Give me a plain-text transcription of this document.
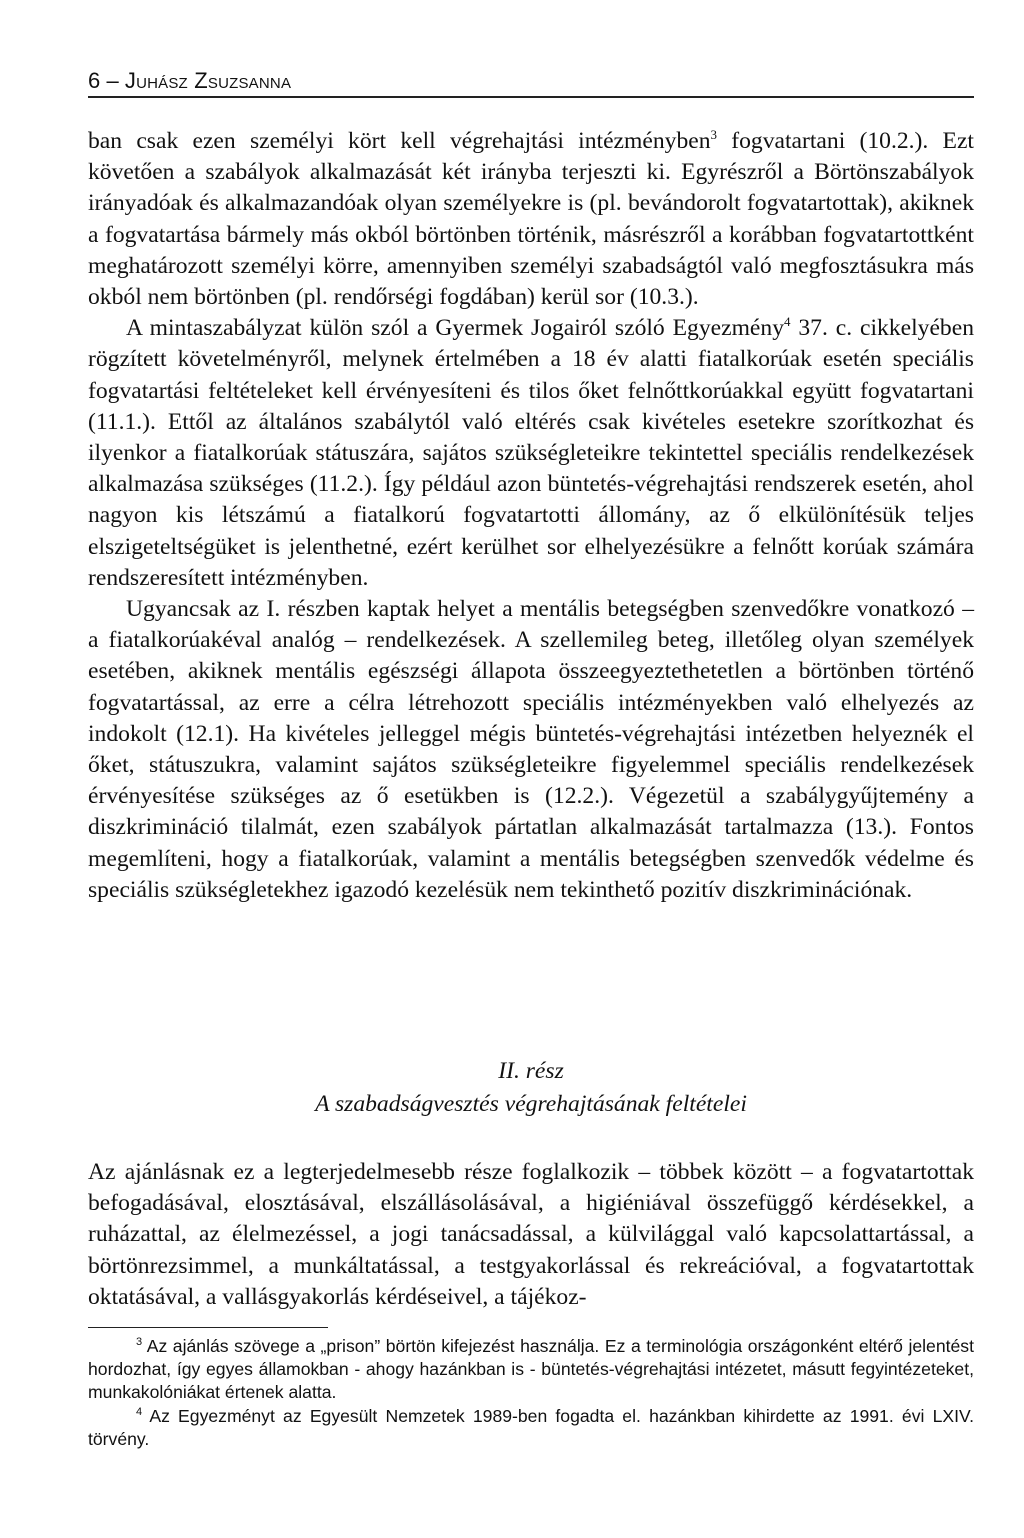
6 – Juhász Zsuzsanna

ban csak ezen személyi kört kell végrehajtási intézményben$^3$ fogvatartani (10.2.). Ezt követően a szabályok alkalmazását két irányba terjeszti ki. Egyrészről a Börtönszabályok irányadóak és alkalmazandóak olyan személyekre is (pl. bevándorolt fogvatartottak), akiknek a fogvatartása bármely más okból börtönben történik, másrészről a korábban fogvatartottként meghatározott személyi körre, amennyiben személyi szabadságtól való megfosztásukra más okból nem börtönben (pl. rendőrségi fogdában) kerül sor (10.3.).

A mintaszabályzat külön szól a Gyermek Jogairól szóló Egyezmény$^4$ 37. c. cikkelyében rögzített követelményről, melynek értelmében a 18 év alatti fiatalkorúak esetén speciális fogvatartási feltételeket kell érvényesíteni és tilos őket felnőttkorúakkal együtt fogvatartani (11.1.). Ettől az általános szabálytól való eltérés csak kivételes esetekre szorítkozhat és ilyenkor a fiatalkorúak státuszára, sajátos szükségleteikre tekintettel speciális rendelkezések alkalmazása szükséges (11.2.). Így például azon büntetés-végrehajtási rendszerek esetén, ahol nagyon kis létszámú a fiatalkorú fogvatartotti állomány, az ő elkülönítésük teljes elszigeteltségüket is jelenthetné, ezért kerülhet sor elhelyezésükre a felnőtt korúak számára rendszeresített intézményben.

Ugyancsak az I. részben kaptak helyet a mentális betegségben szenvedőkre vonatkozó – a fiatalkorúakéval analóg – rendelkezések. A szellemileg beteg, illetőleg olyan személyek esetében, akiknek mentális egészségi állapota összeegyeztethetetlen a börtönben történő fogvatartással, az erre a célra létrehozott speciális intézményekben való elhelyezés az indokolt (12.1). Ha kivételes jelleggel mégis büntetés-végrehajtási intézetben helyeznék el őket, státuszukra, valamint sajátos szükségleteikre figyelemmel speciális rendelkezések érvényesítése szükséges az ő esetükben is (12.2.). Végezetül a szabálygyűjtemény a diszkrimináció tilalmát, ezen szabályok pártatlan alkalmazását tartalmazza (13.). Fontos megemlíteni, hogy a fiatalkorúak, valamint a mentális betegségben szenvedők védelme és speciális szükségletekhez igazodó kezelésük nem tekinthető pozitív diszkriminációnak.

II. rész
A szabadságvesztés végrehajtásának feltételei

Az ajánlásnak ez a legterjedelmesebb része foglalkozik – többek között – a fogvatartottak befogadásával, elosztásával, elszállásolásával, a higiéniával összefüggő kérdésekkel, a ruházattal, az élelmezéssel, a jogi tanácsadással, a külvilággal való kapcsolattartással, a börtönrezsimmel, a munkáltatással, a testgyakorlással és rekreációval, a fogvatartottak oktatásával, a vallásgyakorlás kérdéseivel, a tájékoz-

$^3$ Az ajánlás szövege a „prison” börtön kifejezést használja. Ez a terminológia országonként eltérő jelentést hordozhat, így egyes államokban - ahogy hazánkban is - büntetés-végrehajtási intézetet, másutt fegyintézeteket, munkakolóniákat értenek alatta.

$^4$ Az Egyezményt az Egyesült Nemzetek 1989-ben fogadta el. hazánkban kihirdette az 1991. évi LXIV. törvény.
